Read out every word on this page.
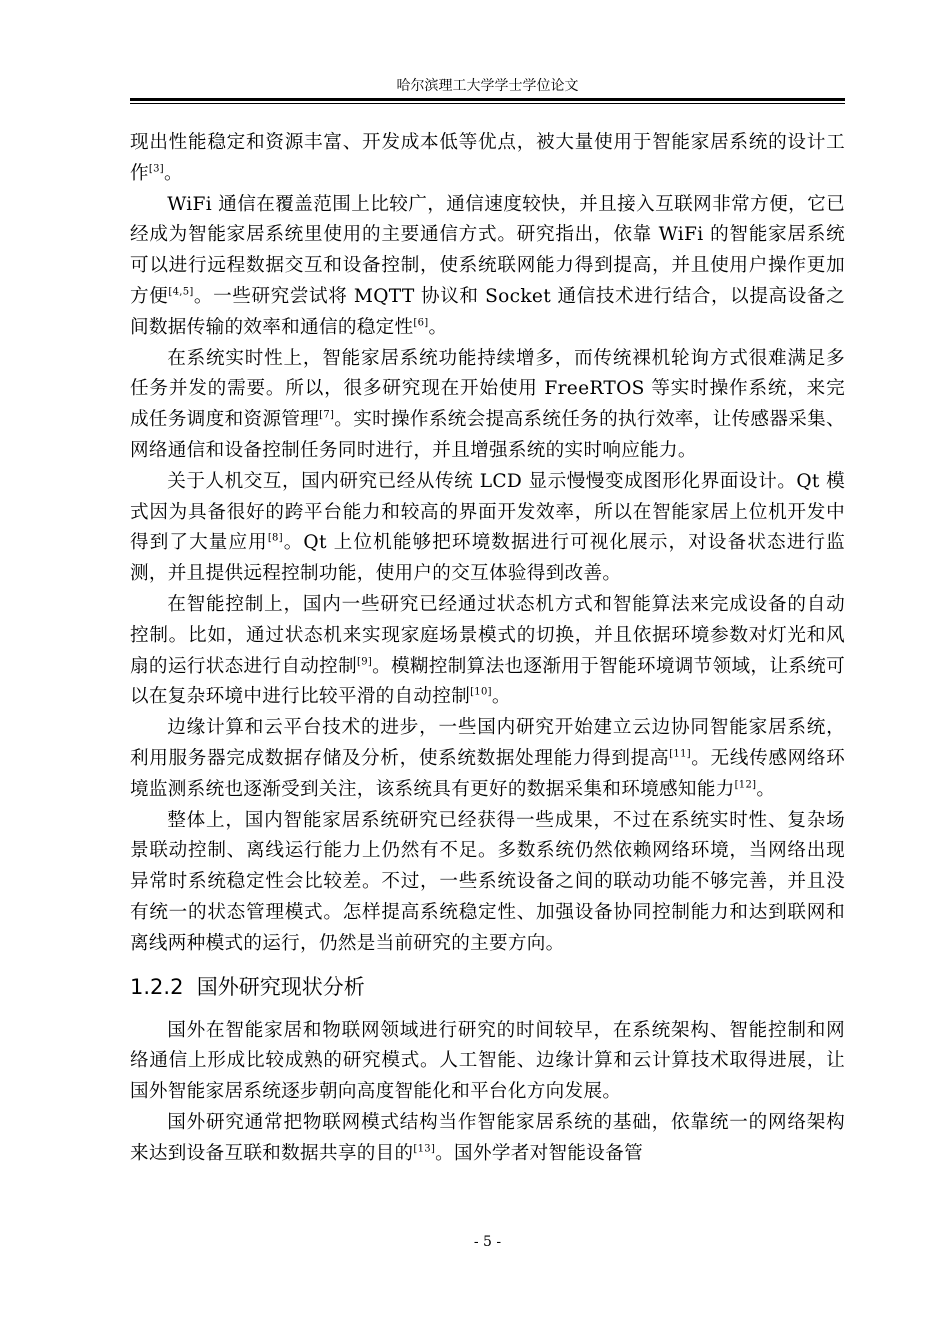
哈尔滨理工大学学士学位论文

现出性能稳定和资源丰富、开发成本低等优点，被大量使用于智能家居系统的设计工作[3]。

WiFi 通信在覆盖范围上比较广，通信速度较快，并且接入互联网非常方便，它已经成为智能家居系统里使用的主要通信方式。研究指出，依靠 WiFi 的智能家居系统可以进行远程数据交互和设备控制，使系统联网能力得到提高，并且使用户操作更加方便[4,5]。一些研究尝试将 MQTT 协议和 Socket 通信技术进行结合，以提高设备之间数据传输的效率和通信的稳定性[6]。

在系统实时性上，智能家居系统功能持续增多，而传统裸机轮询方式很难满足多任务并发的需要。所以，很多研究现在开始使用 FreeRTOS 等实时操作系统，来完成任务调度和资源管理[7]。实时操作系统会提高系统任务的执行效率，让传感器采集、网络通信和设备控制任务同时进行，并且增强系统的实时响应能力。

关于人机交互，国内研究已经从传统 LCD 显示慢慢变成图形化界面设计。Qt 模式因为具备很好的跨平台能力和较高的界面开发效率，所以在智能家居上位机开发中得到了大量应用[8]。Qt 上位机能够把环境数据进行可视化展示，对设备状态进行监测，并且提供远程控制功能，使用户的交互体验得到改善。

在智能控制上，国内一些研究已经通过状态机方式和智能算法来完成设备的自动控制。比如，通过状态机来实现家庭场景模式的切换，并且依据环境参数对灯光和风扇的运行状态进行自动控制[9]。模糊控制算法也逐渐用于智能环境调节领域，让系统可以在复杂环境中进行比较平滑的自动控制[10]。

边缘计算和云平台技术的进步，一些国内研究开始建立云边协同智能家居系统，利用服务器完成数据存储及分析，使系统数据处理能力得到提高[11]。无线传感网络环境监测系统也逐渐受到关注，该系统具有更好的数据采集和环境感知能力[12]。

整体上，国内智能家居系统研究已经获得一些成果，不过在系统实时性、复杂场景联动控制、离线运行能力上仍然有不足。多数系统仍然依赖网络环境，当网络出现异常时系统稳定性会比较差。不过，一些系统设备之间的联动功能不够完善，并且没有统一的状态管理模式。怎样提高系统稳定性、加强设备协同控制能力和达到联网和离线两种模式的运行，仍然是当前研究的主要方向。

1.2.2 国外研究现状分析

国外在智能家居和物联网领域进行研究的时间较早，在系统架构、智能控制和网络通信上形成比较成熟的研究模式。人工智能、边缘计算和云计算技术取得进展，让国外智能家居系统逐步朝向高度智能化和平台化方向发展。

国外研究通常把物联网模式结构当作智能家居系统的基础，依靠统一的网络架构来达到设备互联和数据共享的目的[13]。国外学者对智能设备管

- 5 -
